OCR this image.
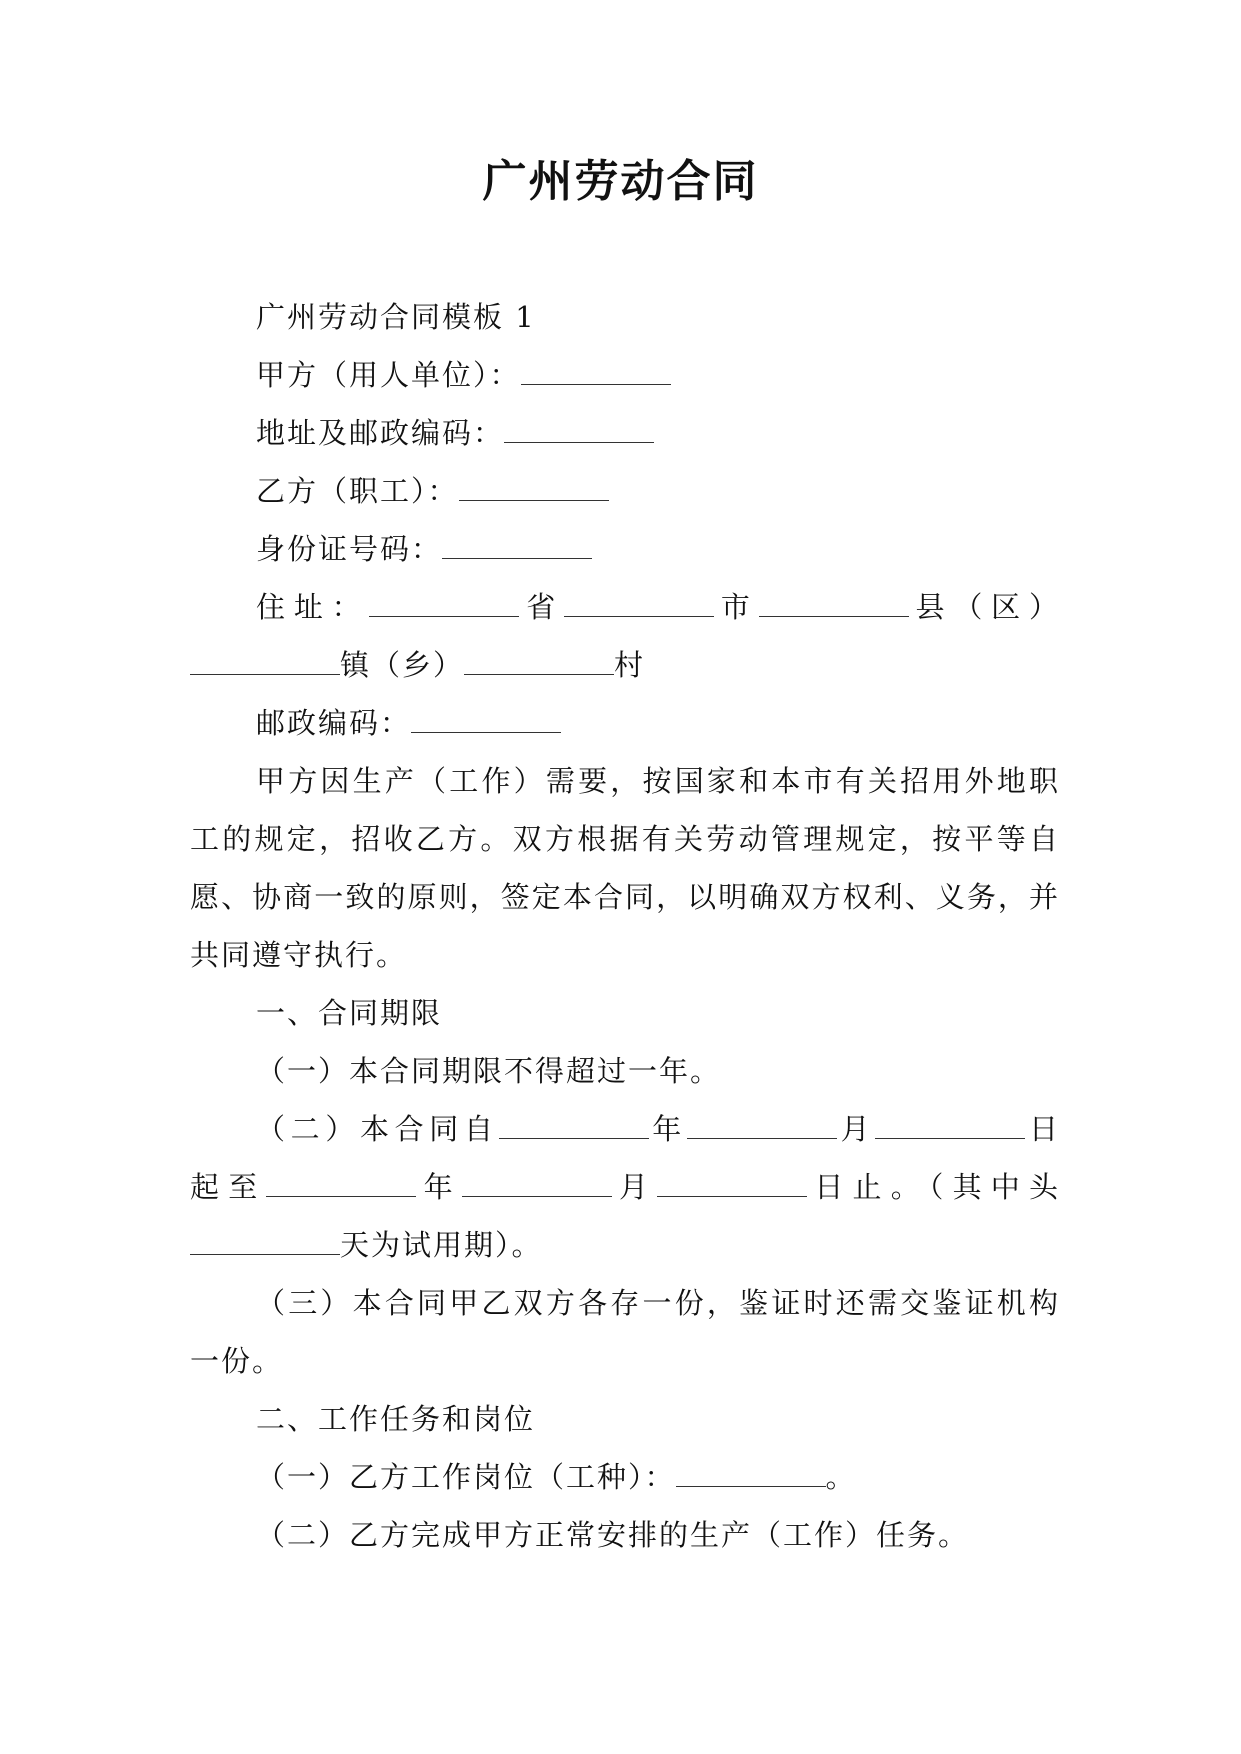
广州劳动合同

广州劳动合同模板 1

甲方（用人单位）：

地址及邮政编码：

乙方（职工）：

身份证号码：

住址：	省	市	县（区）

镇（乡）	村

邮政编码：

甲方因生产（工作）需要，按国家和本市有关招用外地职工的规定，招收乙方。双方根据有关劳动管理规定，按平等自愿、协商一致的原则，签定本合同，以明确双方权利、义务，并共同遵守执行。

一、合同期限

（一）本合同期限不得超过一年。

（二）本合同自	年	月	日

起至	年	月	日止。（其中头

天为试用期）。

（三）本合同甲乙双方各存一份，鉴证时还需交鉴证机构一份。

二、工作任务和岗位

（一）乙方工作岗位（工种）：	。

（二）乙方完成甲方正常安排的生产（工作）任务。
